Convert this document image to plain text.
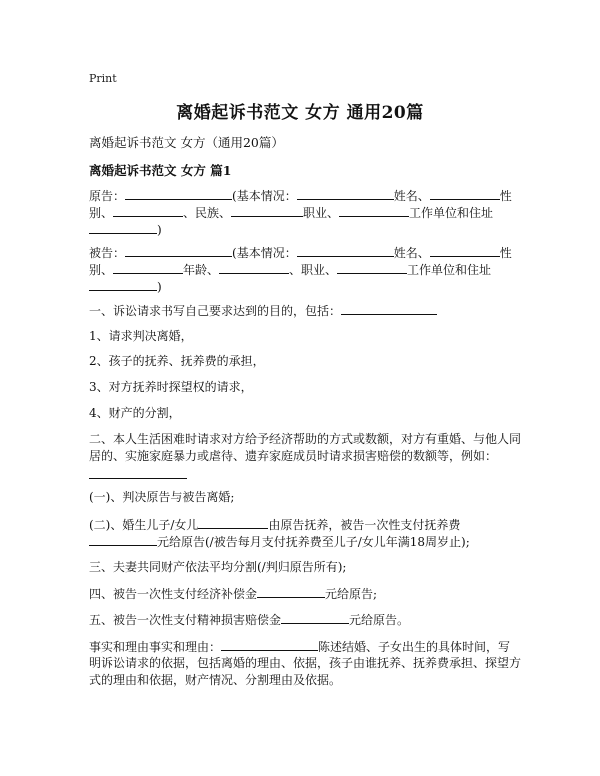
Print
离婚起诉书范文 女方 通用20篇
离婚起诉书范文 女方（通用20篇）
离婚起诉书范文 女方 篇1
原告：	(基本情况：	姓名、	性
别、	、民族、	职业、	工作单位和住址
)
被告：	(基本情况：	姓名、	性
别、	年龄、	、职业、	工作单位和住址
)
一、诉讼请求书写自己要求达到的目的，包括：
1、请求判决离婚，
2、孩子的抚养、抚养费的承担，
3、对方抚养时探望权的请求，
4、财产的分割，
二、本人生活困难时请求对方给予经济帮助的方式或数额，对方有重婚、与他人同
居的、实施家庭暴力或虐待、遗弃家庭成员时请求损害赔偿的数额等，例如：
(一)、判决原告与被告离婚;
(二)、婚生儿子/女儿	由原告抚养，被告一次性支付抚养费
元给原告(/被告每月支付抚养费至儿子/女儿年满18周岁止);
三、夫妻共同财产依法平均分割(/判归原告所有);
四、被告一次性支付经济补偿金	元给原告;
五、被告一次性支付精神损害赔偿金	元给原告。
事实和理由事实和理由：	陈述结婚、子女出生的具体时间，写
明诉讼请求的依据，包括离婚的理由、依据，孩子由谁抚养、抚养费承担、探望方
式的理由和依据，财产情况、分割理由及依据。
